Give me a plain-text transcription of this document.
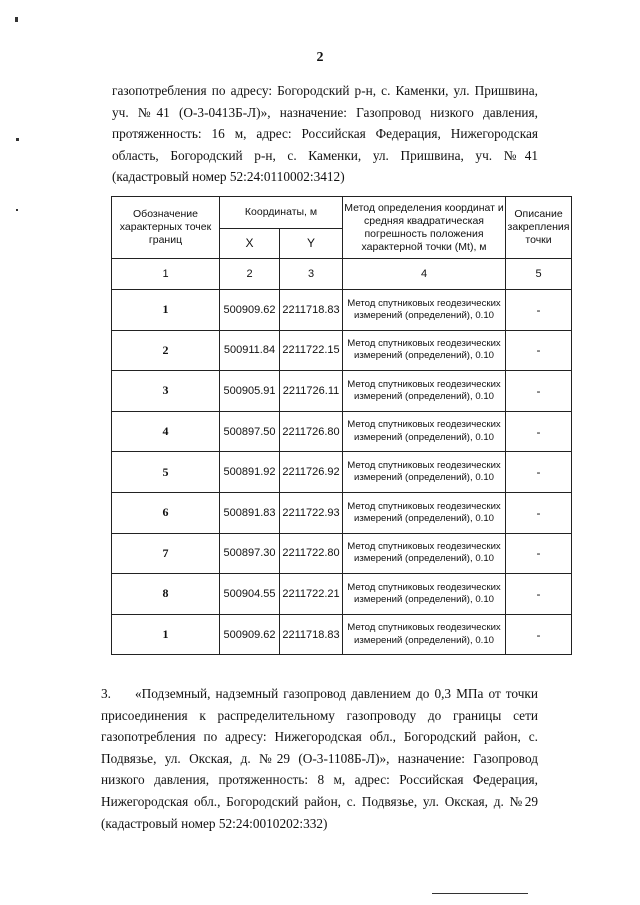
2
газопотребления по адресу: Богородский р-н, с. Каменки, ул. Пришвина, уч. №41 (О-3-0413Б-Л)», назначение: Газопровод низкого давления, протяженность: 16 м, адрес: Российская Федерация, Нижегородская область, Богородский р-н, с. Каменки, ул. Пришвина, уч. №41 (кадастровый номер 52:24:0110002:3412)
Обозначение характерных точек границ	Координаты, м		Метод определения координат и средняя квадратическая погрешность положения характерной точки (Mt), м	Описание закрепления точки
	X	Y		
1	2	3	4	5
1	500909.62	2211718.83	Метод спутниковых геодезических измерений (определений), 0.10	-
2	500911.84	2211722.15	Метод спутниковых геодезических измерений (определений), 0.10	-
3	500905.91	2211726.11	Метод спутниковых геодезических измерений (определений), 0.10	-
4	500897.50	2211726.80	Метод спутниковых геодезических измерений (определений), 0.10	-
5	500891.92	2211726.92	Метод спутниковых геодезических измерений (определений), 0.10	-
6	500891.83	2211722.93	Метод спутниковых геодезических измерений (определений), 0.10	-
7	500897.30	2211722.80	Метод спутниковых геодезических измерений (определений), 0.10	-
8	500904.55	2211722.21	Метод спутниковых геодезических измерений (определений), 0.10	-
1	500909.62	2211718.83	Метод спутниковых геодезических измерений (определений), 0.10	-
3. «Подземный, надземный газопровод давлением до 0,3 МПа от точки присоединения к распределительному газопроводу до границы сети газопотребления по адресу: Нижегородская обл., Богородский район, с. Подвязье, ул. Окская, д. №29 (О-3-1108Б-Л)», назначение: Газопровод низкого давления, протяженность: 8 м, адрес: Российская Федерация, Нижегородская обл., Богородский район, с. Подвязье, ул. Окская, д. №29 (кадастровый номер 52:24:0010202:332)
